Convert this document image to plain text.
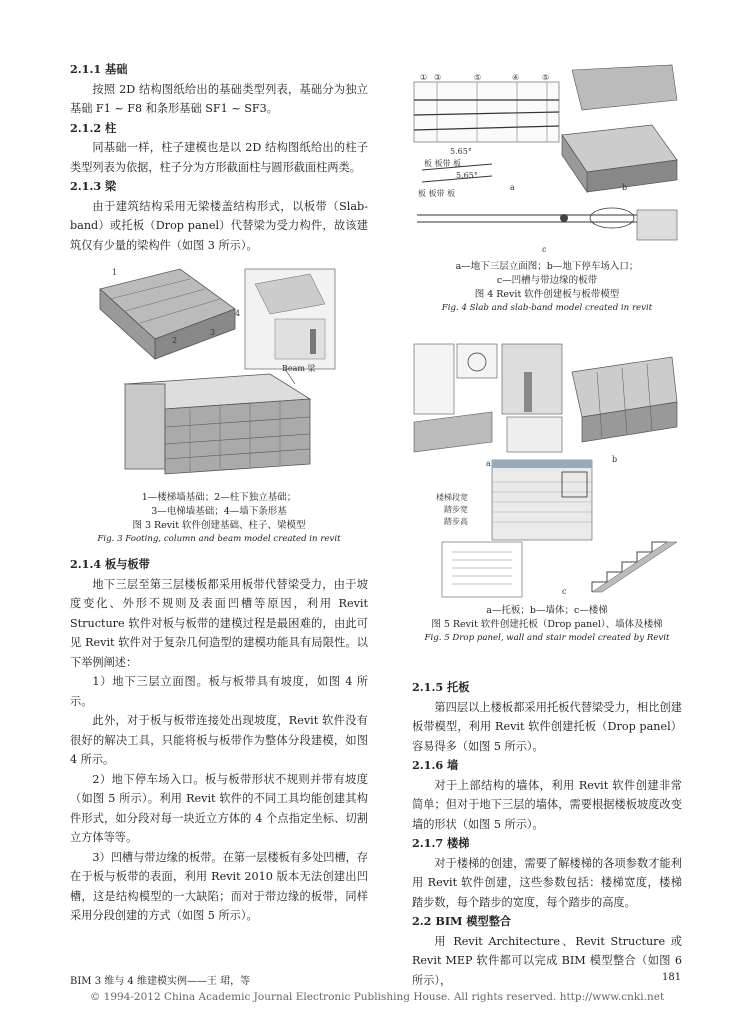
2.1.1 基础

按照 2D 结构图纸给出的基础类型列表，基础分为独立基础 F1 ~ F8 和条形基础 SF1 ~ SF3。

2.1.2 柱

同基础一样，柱子建模也是以 2D 结构图纸给出的柱子类型列表为依据，柱子分为方形截面柱与圆形截面柱两类。

2.1.3 梁

由于建筑结构采用无梁楼盖结构形式，以板带（Slab-band）或托板（Drop panel）代替梁为受力构件，故该建筑仅有少量的梁构件（如图 3 所示）。

1
2
3
4
Beam 梁

1—楼梯墙基础；2—柱下独立基础；

3—电梯墙基础；4—墙下条形基

图 3 Revit 软件创建基础、柱子、梁模型

Fig. 3 Footing, column and beam model created in revit

2.1.4 板与板带

地下三层至第三层楼板都采用板带代替梁受力，由于坡度变化、外形不规则及表面凹槽等原因，利用 Revit Structure 软件对板与板带的建模过程是最困难的，由此可见 Revit 软件对于复杂几何造型的建模功能具有局限性。以下举例阐述：

1）地下三层立面图。板与板带具有坡度，如图 4 所示。

此外，对于板与板带连接处出现坡度，Revit 软件没有很好的解决工具，只能将板与板带作为整体分段建模，如图 4 所示。

2）地下停车场入口。板与板带形状不规则并带有坡度（如图 5 所示）。利用 Revit 软件的不同工具均能创建其构件形式，如分段对每一块近立方体的 4 个点指定坐标、切割立方体等等。

3）凹槽与带边缘的板带。在第一层楼板有多处凹槽，存在于板与板带的表面，利用 Revit 2010 版本无法创建出凹槽，这是结构模型的一大缺陷；而对于带边缘的板带，同样采用分段创建的方式（如图 5 所示）。

① ③	⑤	④	⑤
5.65°
板 板带 板
5.65°
板 板带 板
a	b
c

a—地下三层立面图；b—地下停车场入口；

c—凹槽与带边缘的板带

图 4 Revit 软件创建板与板带模型

Fig. 4 Slab and slab-band model created in revit

a	b
楼梯段宽
踏步宽
踏步高
c

a—托板；b—墙体；c—楼梯

图 5 Revit 软件创建托板（Drop panel）、墙体及楼梯

Fig. 5 Drop panel, wall and stair model created by Revit

2.1.5 托板

第四层以上楼板都采用托板代替梁受力，相比创建板带模型，利用 Revit 软件创建托板（Drop panel）容易得多（如图 5 所示）。

2.1.6 墙

对于上部结构的墙体，利用 Revit 软件创建非常简单；但对于地下三层的墙体，需要根据楼板坡度改变墙的形状（如图 5 所示）。

2.1.7 楼梯

对于楼梯的创建，需要了解楼梯的各项参数才能利用 Revit 软件创建，这些参数包括：楼梯宽度，楼梯踏步数，每个踏步的宽度，每个踏步的高度。

2.2 BIM 模型整合

用 Revit Architecture、Revit Structure 或 Revit MEP 软件都可以完成 BIM 模型整合（如图 6 所示），

BIM 3 维与 4 维建模实例——王 珺，等	181
© 1994-2012 China Academic Journal Electronic Publishing House. All rights reserved. http://www.cnki.net
